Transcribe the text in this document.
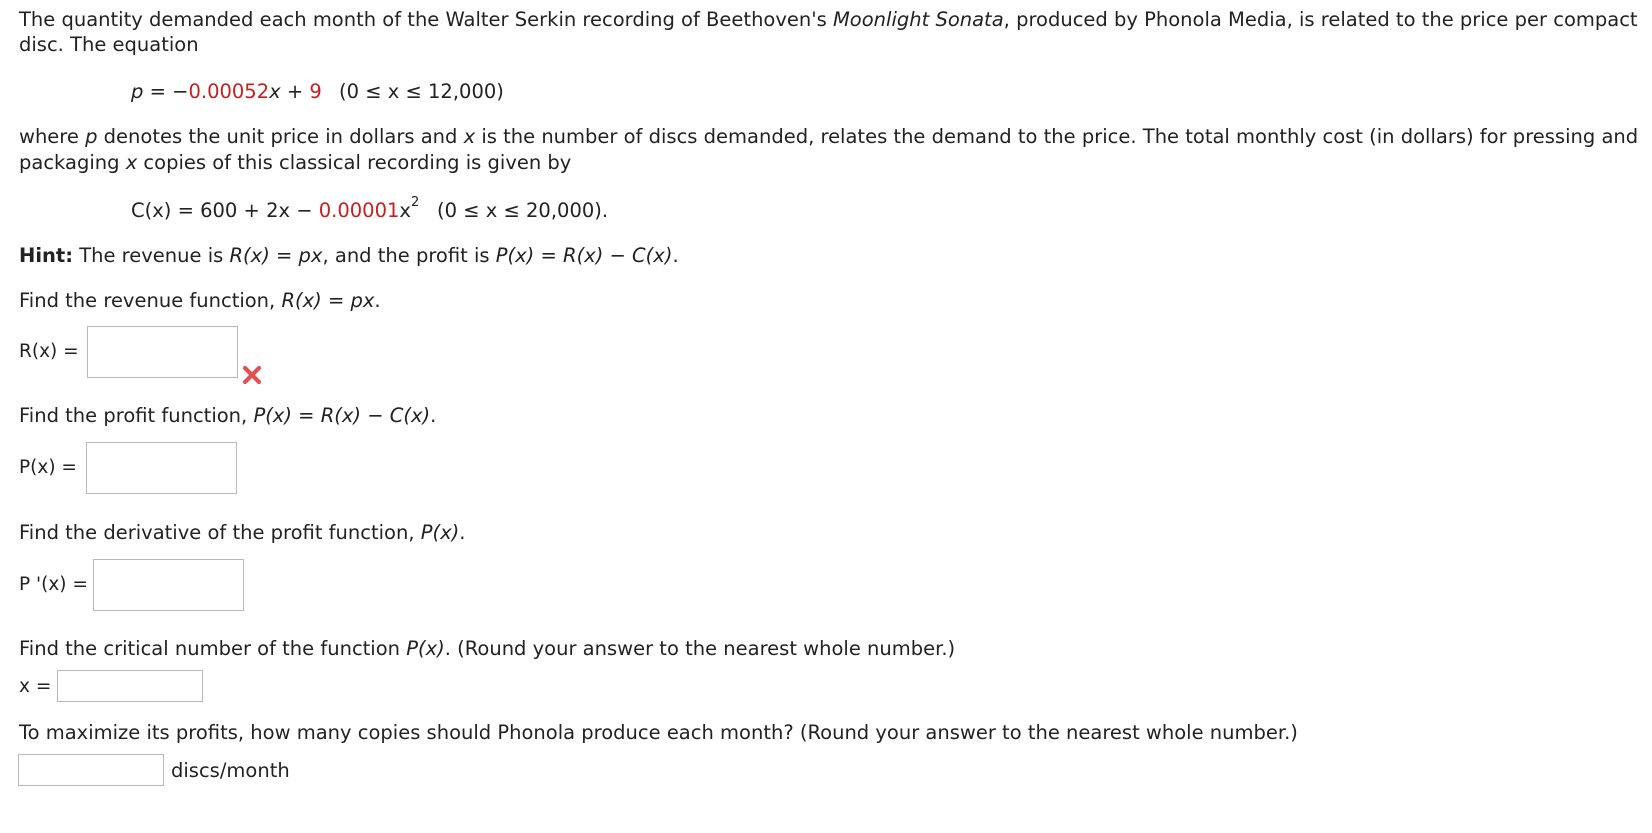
The quantity demanded each month of the Walter Serkin recording of Beethoven's Moonlight Sonata, produced by Phonola Media, is related to the price per compact
disc. The equation
p = −0.00052x + 9 (0 ≤ x ≤ 12,000)
where p denotes the unit price in dollars and x is the number of discs demanded, relates the demand to the price. The total monthly cost (in dollars) for pressing and
packaging x copies of this classical recording is given by
$C(x) = 600 + 2x - 0.00001x^2$ (0 ≤ x ≤ 20,000).
Hint: The revenue is R(x) = px, and the profit is P(x) = R(x) − C(x).
Find the revenue function, R(x) = px.
R(x) =
Find the profit function, P(x) = R(x) − C(x).
P(x) =
Find the derivative of the profit function, P(x).
P '(x) =
Find the critical number of the function P(x). (Round your answer to the nearest whole number.)
x =
To maximize its profits, how many copies should Phonola produce each month? (Round your answer to the nearest whole number.)
discs/month
